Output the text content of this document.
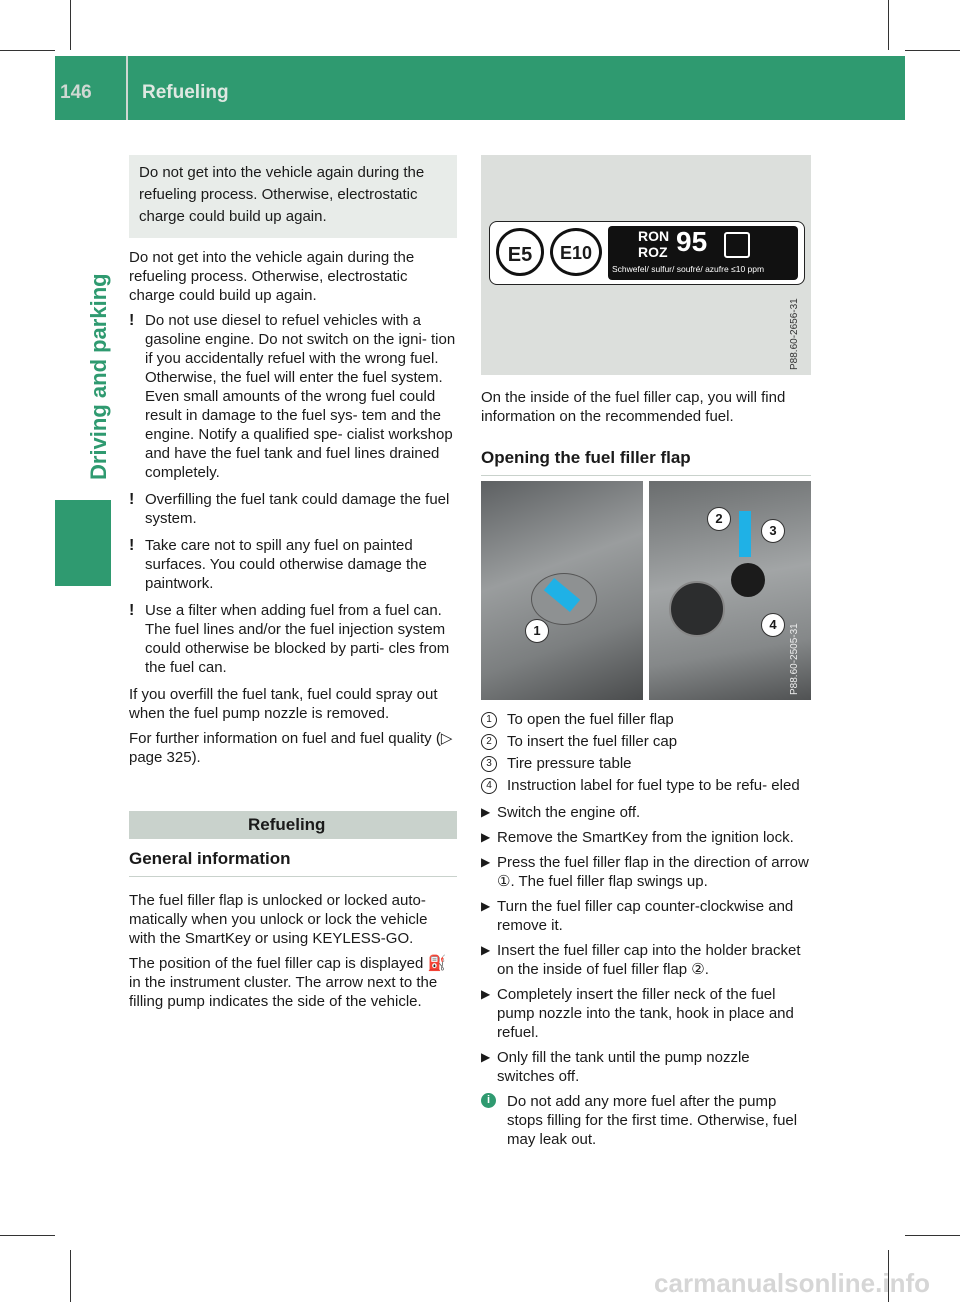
146	Refueling
Driving and parking
Do not get into the vehicle again during the refueling process. Otherwise, electrostatic charge could build up again.

Do not get into the vehicle again during the refueling process. Otherwise, electrostatic charge could build up again.

! Do not use diesel to refuel vehicles with a gasoline engine. Do not switch on the igni- tion if you accidentally refuel with the wrong fuel. Otherwise, the fuel will enter the fuel system. Even small amounts of the wrong fuel could result in damage to the fuel sys- tem and the engine. Notify a qualified spe- cialist workshop and have the fuel tank and fuel lines drained completely.
! Overfilling the fuel tank could damage the fuel system.
! Take care not to spill any fuel on painted surfaces. You could otherwise damage the paintwork.
! Use a filter when adding fuel from a fuel can. The fuel lines and/or the fuel injection system could otherwise be blocked by parti- cles from the fuel can.

If you overfill the fuel tank, fuel could spray out when the fuel pump nozzle is removed.

For further information on fuel and fuel quality (▷ page 325).

Refueling
General information

The fuel filler flap is unlocked or locked auto- matically when you unlock or lock the vehicle with the SmartKey or using KEYLESS-GO.

The position of the fuel filler cap is displayed ⛽ in the instrument cluster. The arrow next to the filling pump indicates the side of the vehicle.

E5	E10
RON
ROZ 95
Schwefel/ sulfur/ soufré/ azufre ≤10 ppm
P88.60-2656-31

On the inside of the fuel filler cap, you will find information on the recommended fuel.

Opening the fuel filler flap
1
2
3
4	P88.60-2505-31
1	To open the fuel filler flap
2	To insert the fuel filler cap
3	Tire pressure table
4	Instruction label for fuel type to be refu- eled
▶ Switch the engine off.
▶ Remove the SmartKey from the ignition lock.
▶ Press the fuel filler flap in the direction of arrow ①. The fuel filler flap swings up.
▶ Turn the fuel filler cap counter-clockwise and remove it.
▶ Insert the fuel filler cap into the holder bracket on the inside of fuel filler flap ②.
▶ Completely insert the filler neck of the fuel pump nozzle into the tank, hook in place and refuel.
▶ Only fill the tank until the pump nozzle switches off.
i	Do not add any more fuel after the pump stops filling for the first time. Otherwise, fuel may leak out.
carmanualsonline.info
